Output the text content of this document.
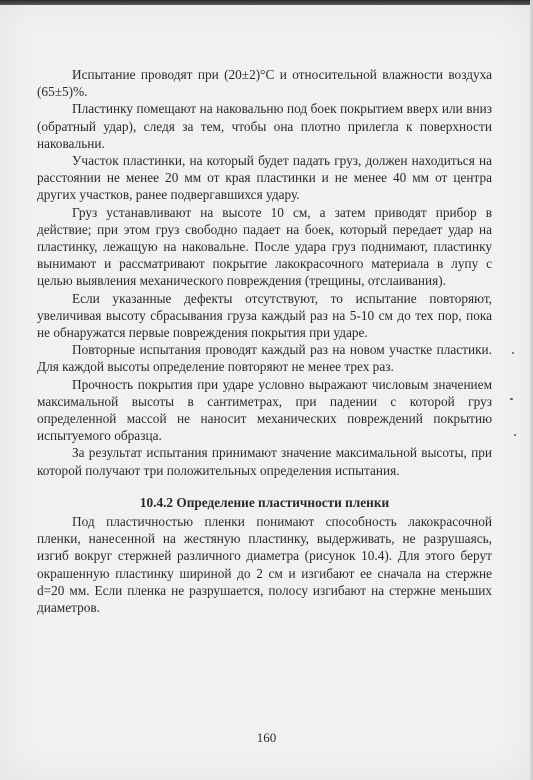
Испытание проводят при (20±2)°С и относительной влажности воздуха (65±5)%.

Пластинку помещают на наковальню под боек покрытием вверх или вниз (обратный удар), следя за тем, чтобы она плотно прилегла к поверхности наковальни.

Участок пластинки, на который будет падать груз, должен находиться на расстоянии не менее 20 мм от края пластинки и не менее 40 мм от центра других участков, ранее подвергавшихся удару.

Груз устанавливают на высоте 10 см, а затем приводят прибор в действие; при этом груз свободно падает на боек, который передает удар на пластинку, лежащую на наковальне. После удара груз поднимают, пластинку вынимают и рассматривают покрытие лакокрасочного материала в лупу с целью выявления механического повреждения (трещины, отслаивания).

Если указанные дефекты отсутствуют, то испытание повторяют, увеличивая высоту сбрасывания груза каждый раз на 5-10 см до тех пор, пока не обнаружатся первые повреждения покрытия при ударе.

Повторные испытания проводят каждый раз на новом участке пластики. Для каждой высоты определение повторяют не менее трех раз.

Прочность покрытия при ударе условно выражают числовым значением максимальной высоты в сантиметрах, при падении с которой груз определенной массой не наносит механических повреждений покрытию испытуемого образца.

За результат испытания принимают значение максимальной высоты, при которой получают три положительных определения испытания.

10.4.2 Определение пластичности пленки

Под пластичностью пленки понимают способность лакокрасочной пленки, нанесенной на жестяную пластинку, выдерживать, не разрушаясь, изгиб вокруг стержней различного диаметра (рисунок 10.4). Для этого берут окрашенную пластинку шириной до 2 см и изгибают ее сначала на стержне d=20 мм. Если пленка не разрушается, полосу изгибают на стержне меньших диаметров.

160
